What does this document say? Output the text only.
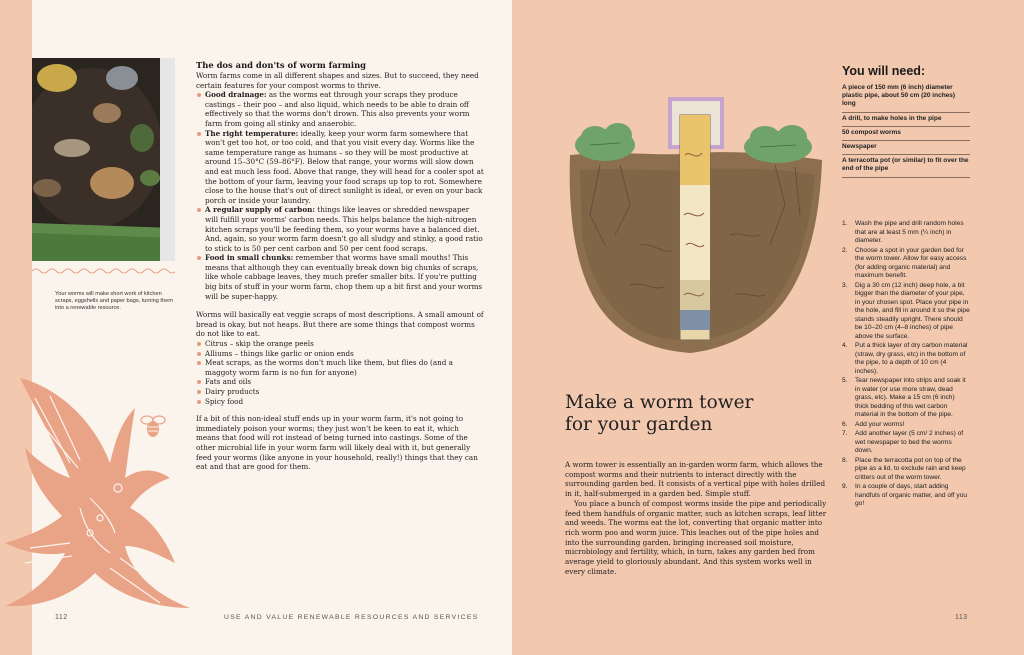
Your worms will make short work of kitchen scraps, eggshells and paper bags, turning them into a renewable resource.
The dos and don'ts of worm farming

Worm farms come in all different shapes and sizes. But to succeed, they need certain features for your compost worms to thrive.

Good drainage: as the worms eat through your scraps they produce castings – their poo – and also liquid, which needs to be able to drain off effectively so that the worms don't drown. This also prevents your worm farm from going all stinky and anaerobic.
The right temperature: ideally, keep your worm farm somewhere that won't get too hot, or too cold, and that you visit every day. Worms like the same temperature range as humans – so they will be most productive at around 15–30°C (59–86°F). Below that range, your worms will slow down and eat much less food. Above that range, they will head for a cooler spot at the bottom of your farm, leaving your food scraps up top to rot. Somewhere close to the house that's out of direct sunlight is ideal, or even on your back porch or inside your laundry.
A regular supply of carbon: things like leaves or shredded newspaper will fulfill your worms' carbon needs. This helps balance the high-nitrogen kitchen scraps you'll be feeding them, so your worms have a balanced diet. And, again, so your worm farm doesn't go all sludgy and stinky, a good ratio to stick to is 50 per cent carbon and 50 per cent food scraps.
Food in small chunks: remember that worms have small mouths! This means that although they can eventually break down big chunks of scraps, like whole cabbage leaves, they much prefer smaller bits. If you're putting big bits of stuff in your worm farm, chop them up a bit first and your worms will be super-happy.

Worms will basically eat veggie scraps of most descriptions. A small amount of bread is okay, but not heaps. But there are some things that compost worms do not like to eat.

Citrus – skip the orange peels
Alliums – things like garlic or onion ends
Meat scraps, as the worms don't much like them, but flies do (and a maggoty worm farm is no fun for anyone)
Fats and oils
Dairy products
Spicy food

If a bit of this non-ideal stuff ends up in your worm farm, it's not going to immediately poison your worms; they just won't be keen to eat it, which means that food will rot instead of being turned into castings. Some of the other microbial life in your worm farm will likely deal with it, but generally feed your worms (like anyone in your household, really!) things that they can eat and that are good for them.

112	USE AND VALUE RENEWABLE RESOURCES AND SERVICES
Make a worm tower
for your garden

A worm tower is essentially an in-garden worm farm, which allows the compost worms and their nutrients to interact directly with the surrounding garden bed. It consists of a vertical pipe with holes drilled in it, half-submerged in a garden bed. Simple stuff.

You place a bunch of compost worms inside the pipe and periodically feed them handfuls of organic matter, such as kitchen scraps, leaf litter and weeds. The worms eat the lot, converting that organic matter into rich worm poo and worm juice. This leaches out of the pipe holes and into the surrounding garden, bringing increased soil moisture, microbiology and fertility, which, in turn, takes any garden bed from average yield to gloriously abundant. And this system works well in every climate.

You will need:
A piece of 150 mm (6 inch) diameter plastic pipe, about 50 cm (20 inches) long
A drill, to make holes in the pipe
50 compost worms
Newspaper
A terracotta pot (or similar) to fit over the end of the pipe
1. Wash the pipe and drill random holes that are at least 5 mm (¼ inch) in diameter.
2. Choose a spot in your garden bed for the worm tower. Allow for easy access (for adding organic material) and maximum benefit.
3. Dig a 30 cm (12 inch) deep hole, a bit bigger than the diameter of your pipe, in your chosen spot. Place your pipe in the hole, and fill in around it so the pipe stands steadily upright. There should be 10–20 cm (4–8 inches) of pipe above the surface.
4. Put a thick layer of dry carbon material (straw, dry grass, etc) in the bottom of the pipe, to a depth of 10 cm (4 inches).
5. Tear newspaper into strips and soak it in water (or use more straw, dead grass, etc). Make a 15 cm (6 inch) thick bedding of this wet carbon material in the bottom of the pipe.
6. Add your worms!
7. Add another layer (5 cm/ 2 inches) of wet newspaper to bed the worms down.
8. Place the terracotta pot on top of the pipe as a lid, to exclude rain and keep critters out of the worm tower.
9. In a couple of days, start adding handfuls of organic matter, and off you go!
113
